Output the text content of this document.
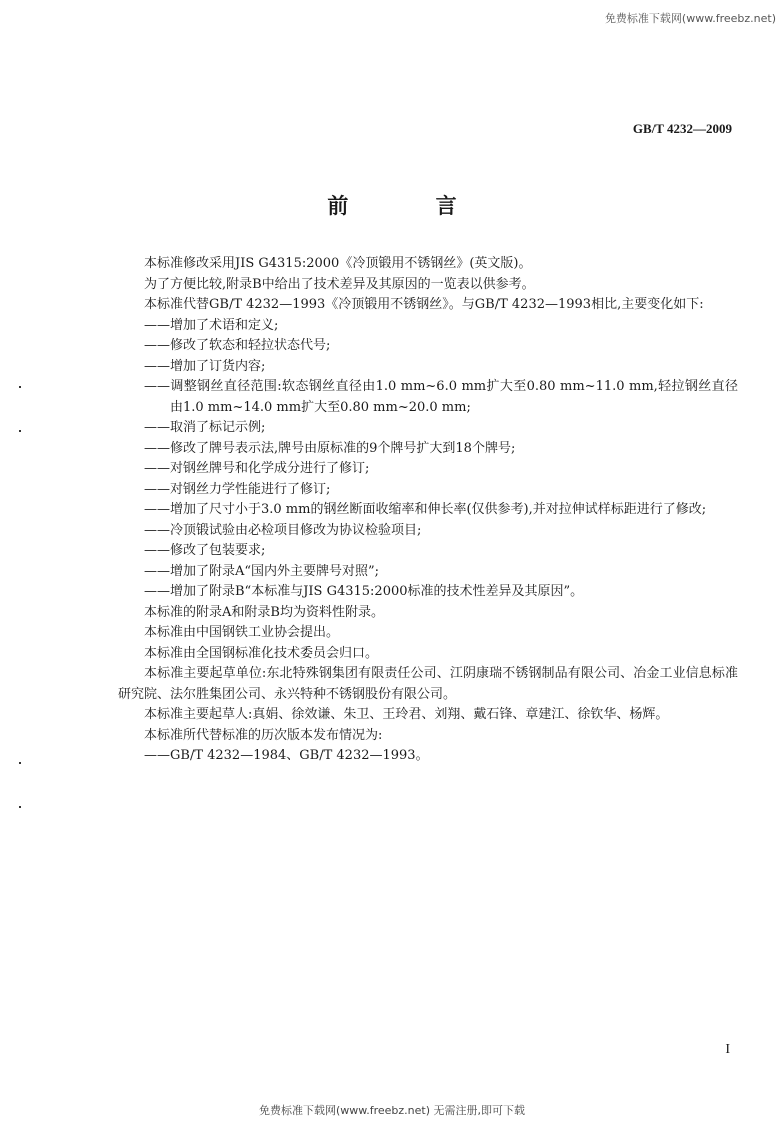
免费标准下载网(www.freebz.net)
GB/T 4232—2009
前 言

本标准修改采用JIS G4315:2000《冷顶锻用不锈钢丝》(英文版)。

为了方便比较,附录B中给出了技术差异及其原因的一览表以供参考。

本标准代替GB/T 4232—1993《冷顶锻用不锈钢丝》。与GB/T 4232—1993相比,主要变化如下:

——增加了术语和定义;

——修改了软态和轻拉状态代号;

——增加了订货内容;

——调整钢丝直径范围:软态钢丝直径由1.0 mm~6.0 mm扩大至0.80 mm~11.0 mm,轻拉钢丝直径由1.0 mm~14.0 mm扩大至0.80 mm~20.0 mm;

——取消了标记示例;

——修改了牌号表示法,牌号由原标准的9个牌号扩大到18个牌号;

——对钢丝牌号和化学成分进行了修订;

——对钢丝力学性能进行了修订;

——增加了尺寸小于3.0 mm的钢丝断面收缩率和伸长率(仅供参考),并对拉伸试样标距进行了修改;

——冷顶锻试验由必检项目修改为协议检验项目;

——修改了包装要求;

——增加了附录A“国内外主要牌号对照”;

——增加了附录B“本标准与JIS G4315:2000标准的技术性差异及其原因”。

本标准的附录A和附录B均为资料性附录。

本标准由中国钢铁工业协会提出。

本标准由全国钢标准化技术委员会归口。

本标准主要起草单位:东北特殊钢集团有限责任公司、江阴康瑞不锈钢制品有限公司、冶金工业信息标准研究院、法尔胜集团公司、永兴特种不锈钢股份有限公司。

本标准主要起草人:真娟、徐效谦、朱卫、王玲君、刘翔、戴石锋、章建江、徐钦华、杨辉。

本标准所代替标准的历次版本发布情况为:

——GB/T 4232—1984、GB/T 4232—1993。

I
免费标准下载网(www.freebz.net) 无需注册,即可下载
